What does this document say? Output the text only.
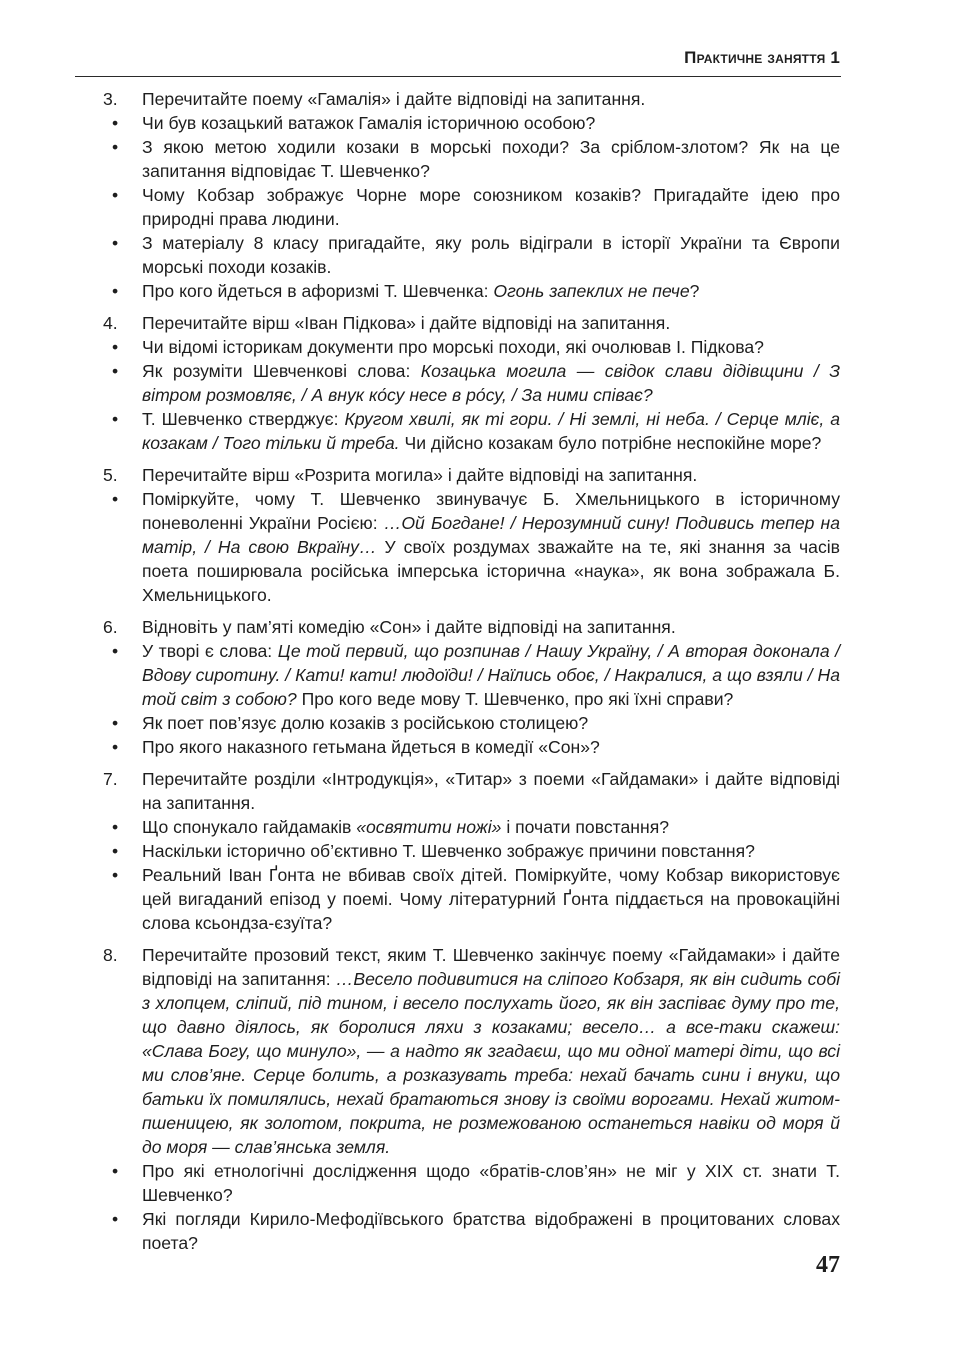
Практичне заняття 1
3.	Перечитайте поему «Гамалія» і дайте відповіді на запитання.
•	Чи був козацький ватажок Гамалія історичною особою?
•	З якою метою ходили козаки в морські походи? За сріблом-злотом? Як на це запитання відповідає Т. Шевченко?
•	Чому Кобзар зображує Чорне море союзником козаків? Пригадайте ідею про природні права людини.
•	З матеріалу 8 класу пригадайте, яку роль відігрaли в історії України та Європи морські походи козаків.
•	Про кого йдеться в афоризмі Т. Шевченка: Огонь запеклих не пече?
4.	Перечитайте вірш «Іван Підкова» і дайте відповіді на запитання.
•	Чи відомі історикам документи про морські походи, які очолював І. Підкова?
•	Як розуміти Шевченкові слова: Козацька могила — свідок слави дідівщини / З вітром розмовляє, / А внук ко́су несе в ро́су, / За ними співає?
•	Т. Шевченко стверджує: Кругом хвилі, як ті гори. / Ні землі, ні неба. / Серце мліє, а козакам / Того тільки й треба. Чи дійсно козакам було потрібне неспокійне море?
5.	Перечитайте вірш «Розрита могила» і дайте відповіді на запитання.
•	Поміркуйте, чому Т. Шевченко звинувачує Б. Хмельницького в історичному поневоленні України Росією: …Ой Богдане! / Нерозумний сину! Подивись тепер на матір, / На свою Вкраїну… У своїх роздумах зважайте на те, які знання за часів поета поширювала російська імперська історична «наука», як вона зображала Б. Хмельницького.
6.	Відновіть у пам’яті комедію «Сон» і дайте відповіді на запитання.
•	У творі є слова: Це той первий, що розпинав / Нашу Україну, / А вторая доконала / Вдову сиротину. / Кати! кати! людоїди! / Наїлись обоє, / Накралися, а що взяли / На той світ з собою? Про кого веде мову Т. Шевченко, про які їхні справи?
•	Як поет пов’язує долю козаків з російською столицею?
•	Про якого наказного гетьмана йдеться в комедії «Сон»?
7.	Перечитайте розділи «Інтродукція», «Титар» з поеми «Гайдамаки» і дайте відповіді на запитання.
•	Що спонукало гайдамаків «освятити ножі» і почати повстання?
•	Наскільки історично об’єктивно Т. Шевченко зображує причини повстання?
•	Реальний Іван Ґонта не вбивав своїх дітей. Поміркуйте, чому Кобзар використовує цей вигаданий епізод у поемі. Чому літературний Ґонта піддається на провокаційні слова ксьондза-єзуїта?
8.	Перечитайте прозовий текст, яким Т. Шевченко закінчує поему «Гайдамаки» і дайте відповіді на запитання: …Весело подивитися на сліпого Кобзаря, як він сидить собі з хлопцем, сліпий, під тином, і весело послухать його, як він заспіває думу про те, що давно діялось, як боролися ляхи з козаками; весело… а все-таки скажеш: «Слава Богу, що минуло», — а надто як згадаєш, що ми одної матері діти, що всі ми слов’яне. Серце болить, а розказувать треба: нехай бачать сини і внуки, що батьки їх помилялись, нехай братаються знову із своїми ворогами. Нехай житом-пшеницею, як золотом, покрита, не розмежованою останеться навіки од моря й до моря — слав’янська земля.
•	Про які етнологічні дослідження щодо «братів-слов’ян» не міг у ХІХ ст. знати Т. Шевченко?
•	Які погляди Кирило-Мефодіївського братства відображені в процитованих словах поета?
47
